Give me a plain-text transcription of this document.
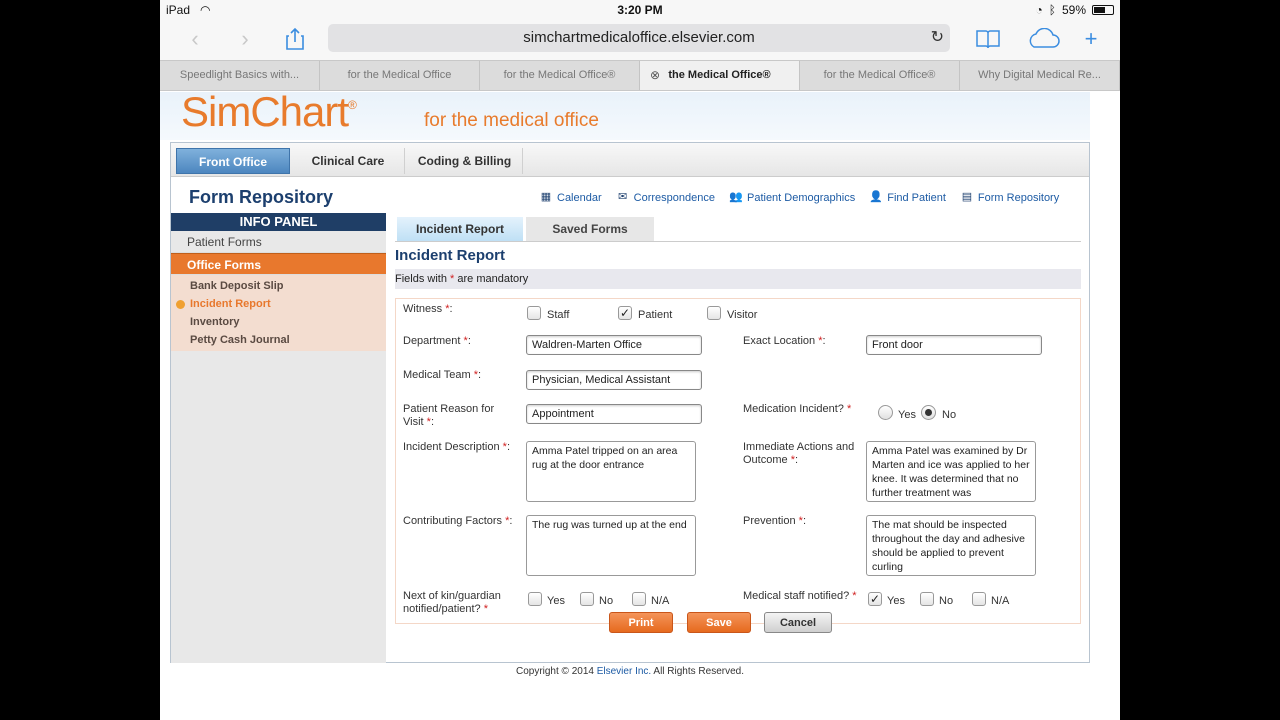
iPad ◠	3:20 PM	◔ ᛒ 59%
‹	›	simchartmedicaloffice.elsevier.com	↻	+
Speedlight Basics with...	for the Medical Office	for the Medical Office®	⊗ the Medical Office®	for the Medical Office®	Why Digital Medical Re...
SimChart®
for the medical office
Front Office	Clinical Care	Coding & Billing
Form Repository	▦ Calendar ✉ Correspondence 👥 Patient Demographics 👤 Find Patient ▤ Form Repository
INFO PANEL
Patient Forms
Office Forms
Bank Deposit Slip
Incident Report
Inventory
Petty Cash Journal
Incident Report	Saved Forms
Incident Report
Fields with * are mandatory
Witness *:	Staff	✓ Patient	Visitor
Department *:	Waldren-Marten Office	Exact Location *:	Front door
Medical Team *:	Physician, Medical Assistant
Patient Reason for
Visit *:
Appointment	Medication Incident? *	Yes No
Incident Description *:	Amma Patel tripped on an area rug at the door entrance
Immediate Actions and
Outcome *:
Amma Patel was examined by Dr Marten and ice was applied to her knee. It was determined that no further treatment was
Contributing Factors *:	The rug was turned up at the end	Prevention *:	The mat should be inspected throughout the day and adhesive should be applied to prevent curling
Next of kin/guardian
notified/patient? *
Yes	No	N/A	Medical staff notified? * ✓ Yes	No	N/A
Print	Save	Cancel
Copyright © 2014 Elsevier Inc. All Rights Reserved.
